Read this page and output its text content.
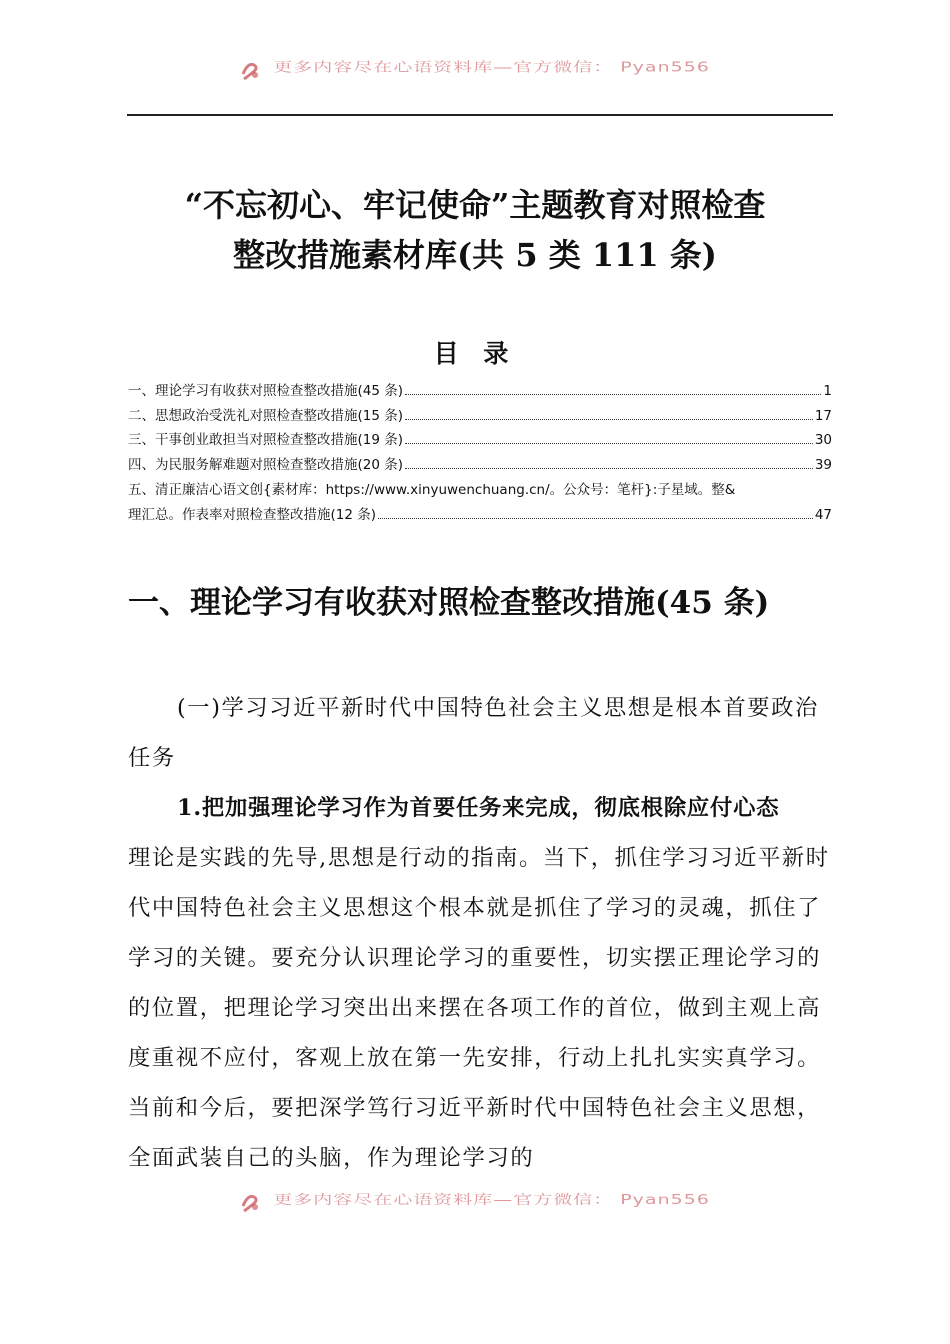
更多内容尽在心语资料库—官方微信： Pyan556
“不忘初心、牢记使命”主题教育对照检查
整改措施素材库(共 5 类 111 条)
目 录
一、理论学习有收获对照检查整改措施(45 条)	1
二、思想政治受洗礼对照检查整改措施(15 条)	17
三、干事创业敢担当对照检查整改措施(19 条)	30
四、为民服务解难题对照检查整改措施(20 条)	39
五、清正廉洁心语文创{素材库：https://www.xinyuwenchuang.cn/。公众号：笔杆}:子星域。整&
理汇总。作表率对照检查整改措施(12 条)	47
一、理论学习有收获对照检查整改措施(45 条)

(一)学习习近平新时代中国特色社会主义思想是根本首要政治任务

1.把加强理论学习作为首要任务来完成，彻底根除应付心态

理论是实践的先导,思想是行动的指南。当下，抓住学习习近平新时代中国特色社会主义思想这个根本就是抓住了学习的灵魂，抓住了学习的关键。要充分认识理论学习的重要性，切实摆正理论学习的的位置，把理论学习突出出来摆在各项工作的首位，做到主观上高度重视不应付，客观上放在第一先安排，行动上扎扎实实真学习。当前和今后，要把深学笃行习近平新时代中国特色社会主义思想，全面武装自己的头脑，作为理论学习的

更多内容尽在心语资料库—官方微信： Pyan556
